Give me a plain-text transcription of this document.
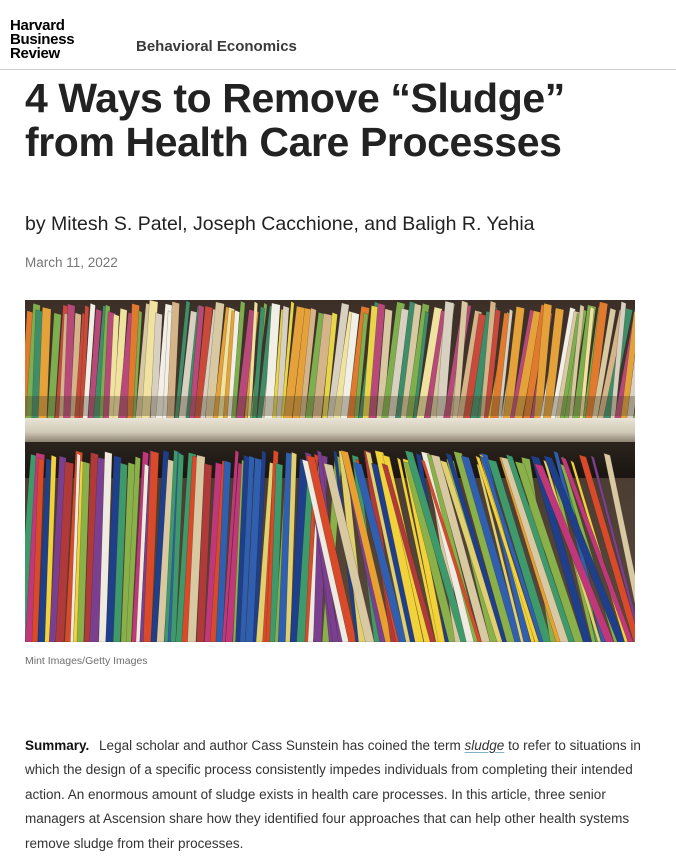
Harvard
Business
Review	Behavioral Economics
4 Ways to Remove “Sludge” from Health Care Processes
by Mitesh S. Patel, Joseph Cacchione, and Baligh R. Yehia
March 11, 2022
Mint Images/Getty Images
Summary. Legal scholar and author Cass Sunstein has coined the term sludge to refer to situations in which the design of a specific process consistently impedes individuals from completing their intended action. An enormous amount of sludge exists in health care processes. In this article, three senior managers at Ascension share how they identified four approaches that can help other health systems remove sludge from their processes.
